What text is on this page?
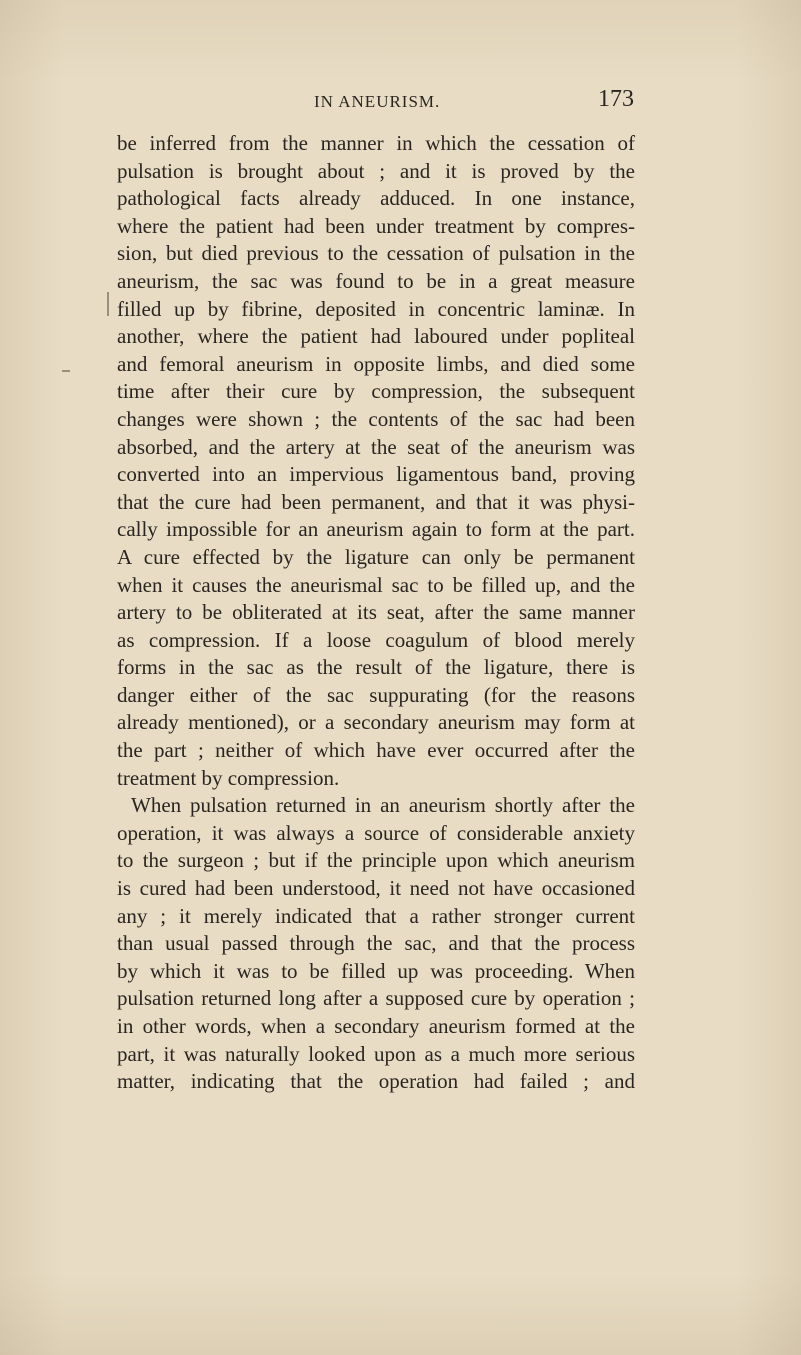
IN ANEURISM.	173
be inferred from the manner in which the cessation of
pulsation is brought about ; and it is proved by the
pathological facts already adduced. In one instance,
where the patient had been under treatment by compres-
sion, but died previous to the cessation of pulsation in the
aneurism, the sac was found to be in a great measure
filled up by fibrine, deposited in concentric laminæ. In
another, where the patient had laboured under popliteal
and femoral aneurism in opposite limbs, and died some
time after their cure by compression, the subsequent
changes were shown ; the contents of the sac had been
absorbed, and the artery at the seat of the aneurism was
converted into an impervious ligamentous band, proving
that the cure had been permanent, and that it was physi-
cally impossible for an aneurism again to form at the part.
A cure effected by the ligature can only be permanent
when it causes the aneurismal sac to be filled up, and the
artery to be obliterated at its seat, after the same manner
as compression. If a loose coagulum of blood merely
forms in the sac as the result of the ligature, there is
danger either of the sac suppurating (for the reasons
already mentioned), or a secondary aneurism may form at
the part ; neither of which have ever occurred after the
treatment by compression.
When pulsation returned in an aneurism shortly after the
operation, it was always a source of considerable anxiety
to the surgeon ; but if the principle upon which aneurism
is cured had been understood, it need not have occasioned
any ; it merely indicated that a rather stronger current
than usual passed through the sac, and that the process
by which it was to be filled up was proceeding. When
pulsation returned long after a supposed cure by operation ;
in other words, when a secondary aneurism formed at the
part, it was naturally looked upon as a much more serious
matter, indicating that the operation had failed ; and
